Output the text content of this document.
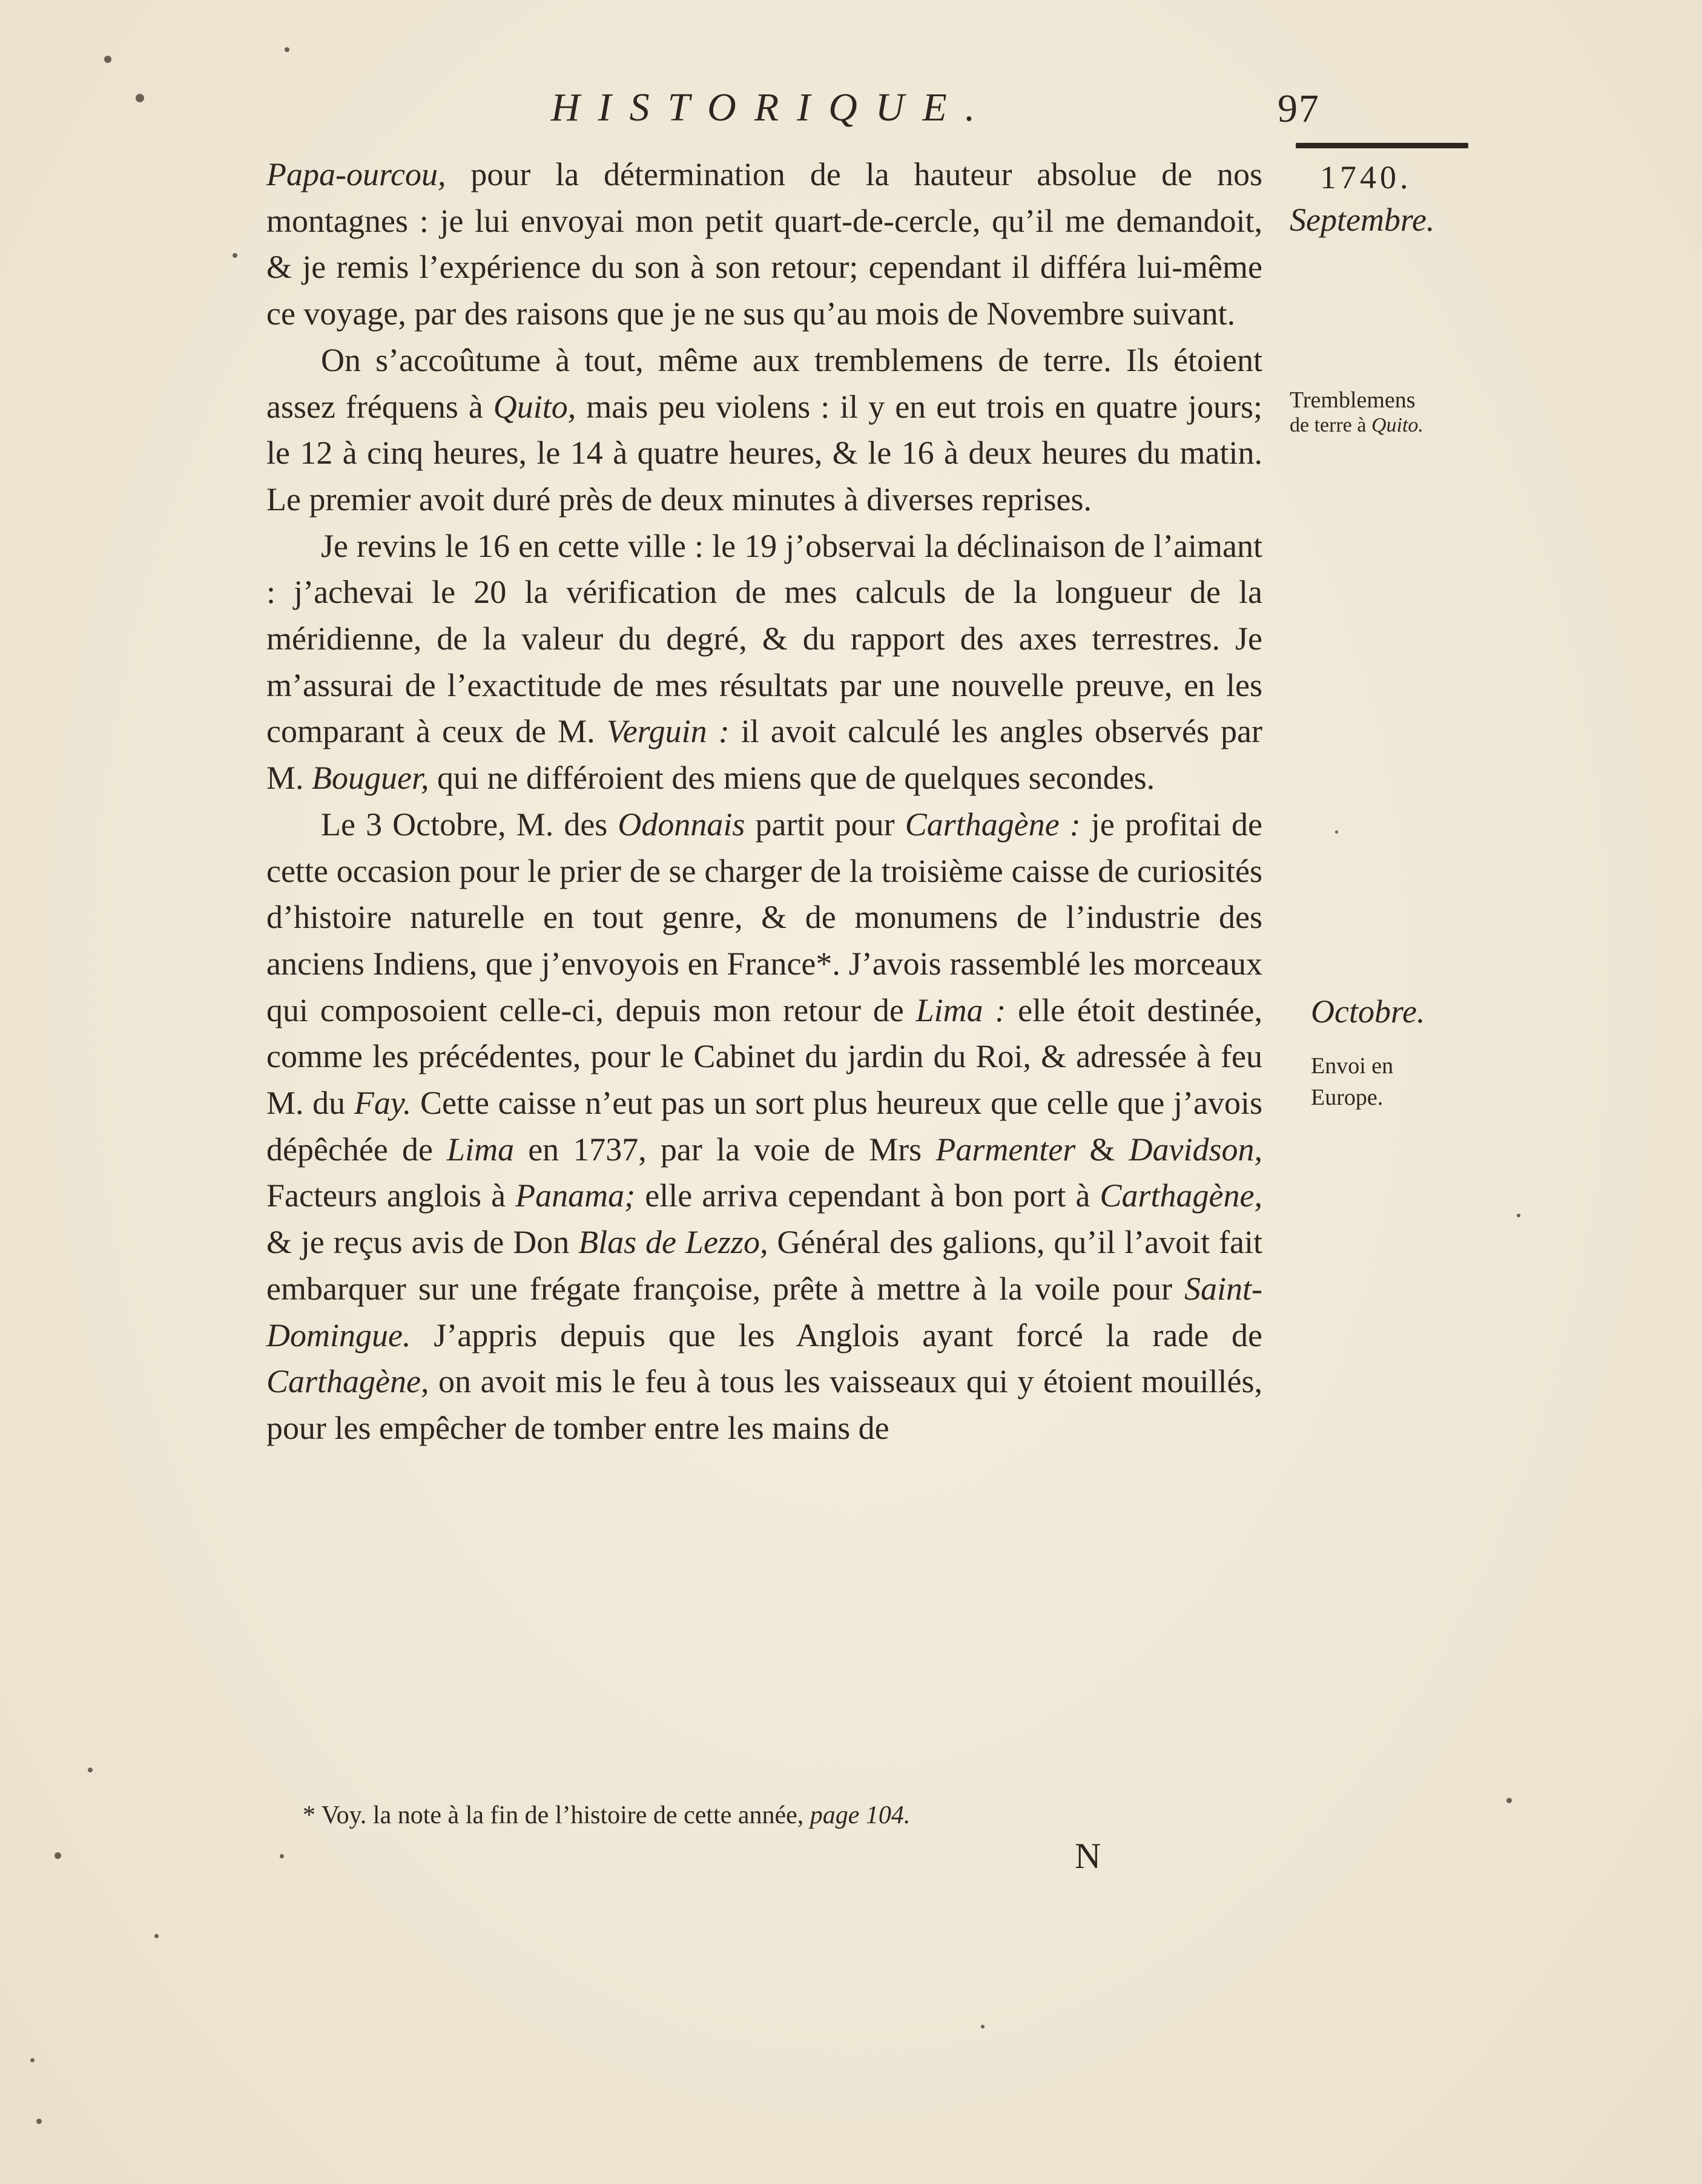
HISTORIQUE.	97
1740.
Septembre.
Tremblemens
de terre à Quito.
Octobre.
Envoi en
Europe.

Papa-ourcou, pour la détermination de la hauteur absolue de nos montagnes : je lui envoyai mon petit quart-de-cercle, qu’il me demandoit, & je remis l’expérience du son à son retour; cependant il différa lui-même ce voyage, par des raisons que je ne sus qu’au mois de Novembre suivant.

On s’accoûtume à tout, même aux tremblemens de terre. Ils étoient assez fréquens à Quito, mais peu violens : il y en eut trois en quatre jours; le 12 à cinq heures, le 14 à quatre heures, & le 16 à deux heures du matin. Le premier avoit duré près de deux minutes à diverses reprises.

Je revins le 16 en cette ville : le 19 j’observai la déclinaison de l’aimant : j’achevai le 20 la vérification de mes calculs de la longueur de la méridienne, de la valeur du degré, & du rapport des axes terrestres. Je m’assurai de l’exactitude de mes résultats par une nouvelle preuve, en les comparant à ceux de M. Verguin : il avoit calculé les angles observés par M. Bouguer, qui ne différoient des miens que de quelques secondes.

Le 3 Octobre, M. des Odonnais partit pour Carthagène : je profitai de cette occasion pour le prier de se charger de la troisième caisse de curiosités d’histoire naturelle en tout genre, & de monumens de l’industrie des anciens Indiens, que j’envoyois en France*. J’avois rassemblé les morceaux qui composoient celle-ci, depuis mon retour de Lima : elle étoit destinée, comme les précédentes, pour le Cabinet du jardin du Roi, & adressée à feu M. du Fay. Cette caisse n’eut pas un sort plus heureux que celle que j’avois dépêchée de Lima en 1737, par la voie de Mrs Parmenter & Davidson, Facteurs anglois à Panama; elle arriva cependant à bon port à Carthagène, & je reçus avis de Don Blas de Lezzo, Général des galions, qu’il l’avoit fait embarquer sur une frégate françoise, prête à mettre à la voile pour Saint-Domingue. J’appris depuis que les Anglois ayant forcé la rade de Carthagène, on avoit mis le feu à tous les vaisseaux qui y étoient mouillés, pour les empêcher de tomber entre les mains de

* Voy. la note à la fin de l’histoire de cette année, page 104.
N
